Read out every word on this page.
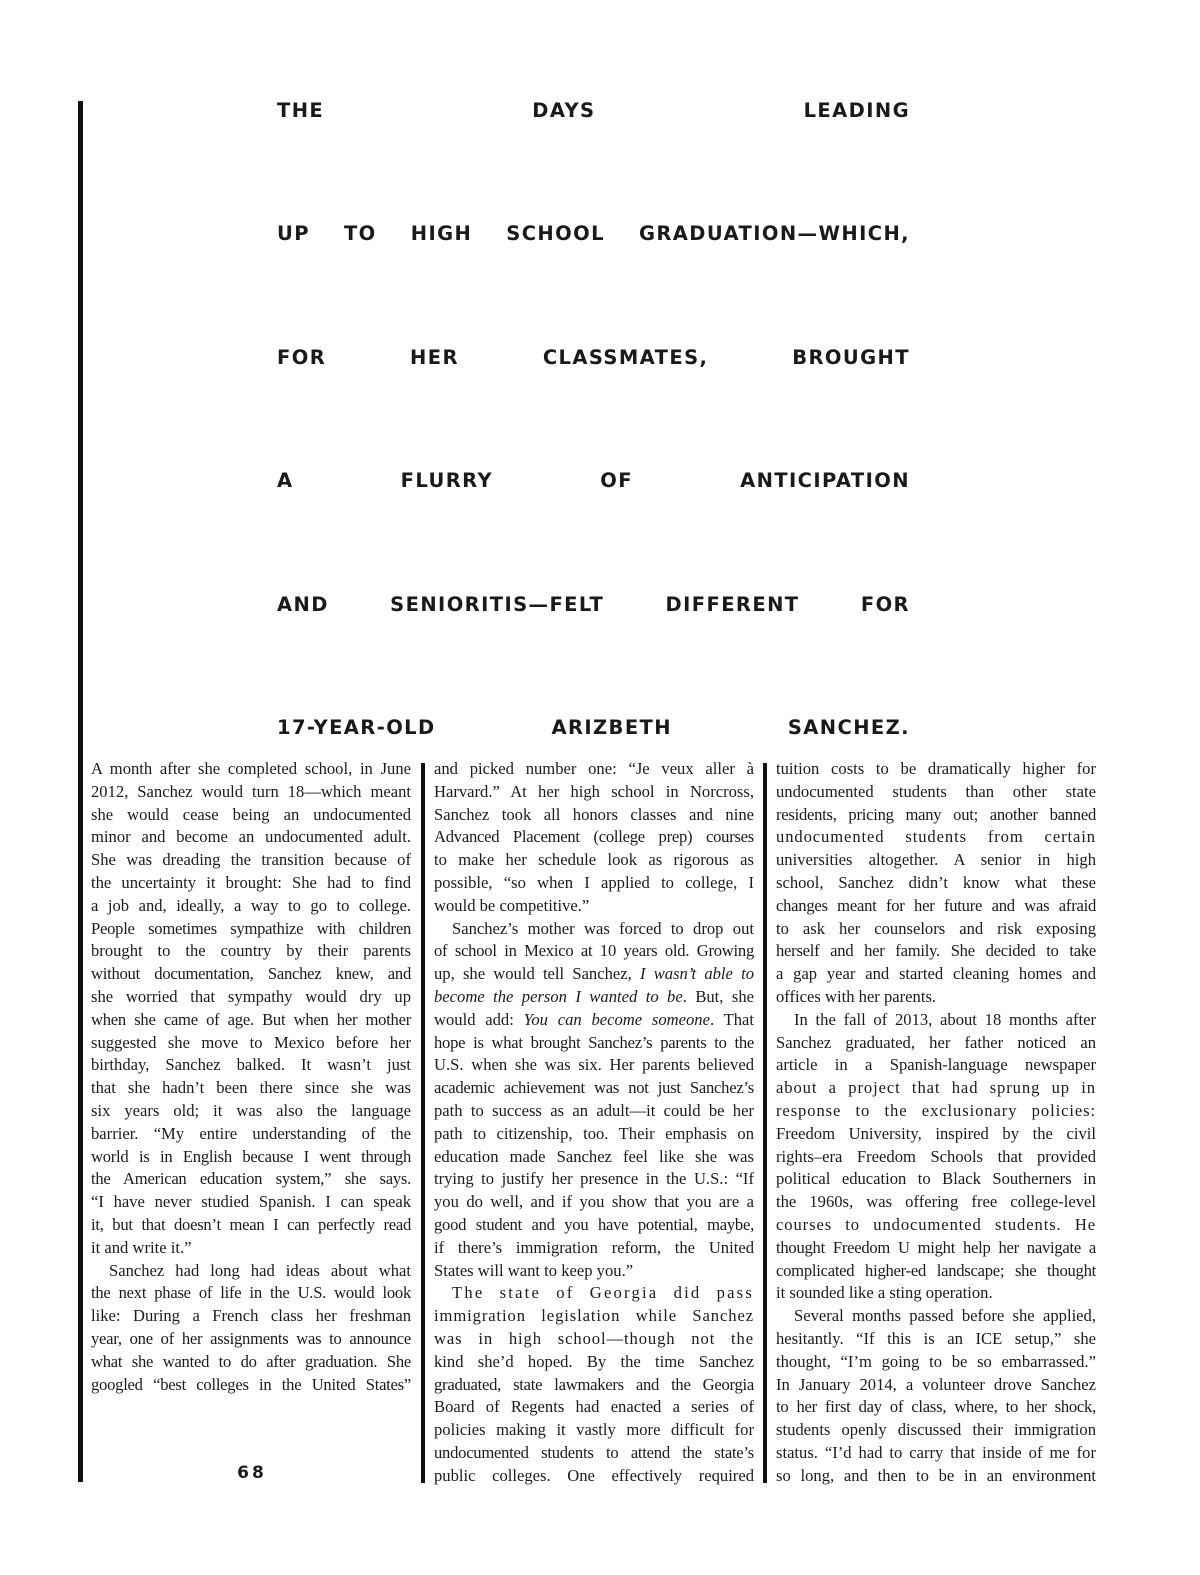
THE	DAYS	LEADING
UP TO HIGH SCHOOL GRADUATION—WHICH,
FOR	HER	CLASSMATES,	BROUGHT
A	FLURRY	OF	ANTICIPATION
AND	SENIORITIS—FELT	DIFFERENT	FOR
17-YEAR-OLD	ARIZBETH	SANCHEZ.
A month after she completed school, in June
2012, Sanchez would turn 18—which meant
she would cease being an undocumented
minor and become an undocumented adult.
She was dreading the transition because of
the uncertainty it brought: She had to find
a job and, ideally, a way to go to college.
People sometimes sympathize with children
brought to the country by their parents
without documentation, Sanchez knew, and
she worried that sympathy would dry up
when she came of age. But when her mother
suggested she move to Mexico before her
birthday, Sanchez balked. It wasn’t just
that she hadn’t been there since she was
six years old; it was also the language
barrier. “My entire understanding of the
world is in English because I went through
the American education system,” she says.
“I have never studied Spanish. I can speak
it, but that doesn’t mean I can perfectly read
it and write it.”
Sanchez had long had ideas about what
the next phase of life in the U.S. would look
like: During a French class her freshman
year, one of her assignments was to announce
what she wanted to do after graduation. She
googled “best colleges in the United States”
and picked number one: “Je veux aller à
Harvard.” At her high school in Norcross,
Sanchez took all honors classes and nine
Advanced Placement (college prep) courses
to make her schedule look as rigorous as
possible, “so when I applied to college, I
would be competitive.”
Sanchez’s mother was forced to drop out
of school in Mexico at 10 years old. Growing
up, she would tell Sanchez, I wasn’t able to
become the person I wanted to be. But, she
would add: You can become someone. That
hope is what brought Sanchez’s parents to the
U.S. when she was six. Her parents believed
academic achievement was not just Sanchez’s
path to success as an adult—it could be her
path to citizenship, too. Their emphasis on
education made Sanchez feel like she was
trying to justify her presence in the U.S.: “If
you do well, and if you show that you are a
good student and you have potential, maybe,
if there’s immigration reform, the United
States will want to keep you.”
The state of Georgia did pass
immigration legislation while Sanchez
was in high school—though not the
kind she’d hoped. By the time Sanchez
graduated, state lawmakers and the Georgia
Board of Regents had enacted a series of
policies making it vastly more difficult for
undocumented students to attend the state’s
public colleges. One effectively required
tuition costs to be dramatically higher for
undocumented students than other state
residents, pricing many out; another banned
undocumented students from certain
universities altogether. A senior in high
school, Sanchez didn’t know what these
changes meant for her future and was afraid
to ask her counselors and risk exposing
herself and her family. She decided to take
a gap year and started cleaning homes and
offices with her parents.
In the fall of 2013, about 18 months after
Sanchez graduated, her father noticed an
article in a Spanish-language newspaper
about a project that had sprung up in
response to the exclusionary policies:
Freedom University, inspired by the civil
rights–era Freedom Schools that provided
political education to Black Southerners in
the 1960s, was offering free college-level
courses to undocumented students. He
thought Freedom U might help her navigate a
complicated higher-ed landscape; she thought
it sounded like a sting operation.
Several months passed before she applied,
hesitantly. “If this is an ICE setup,” she
thought, “I’m going to be so embarrassed.”
In January 2014, a volunteer drove Sanchez
to her first day of class, where, to her shock,
students openly discussed their immigration
status. “I’d had to carry that inside of me for
so long, and then to be in an environment
68
